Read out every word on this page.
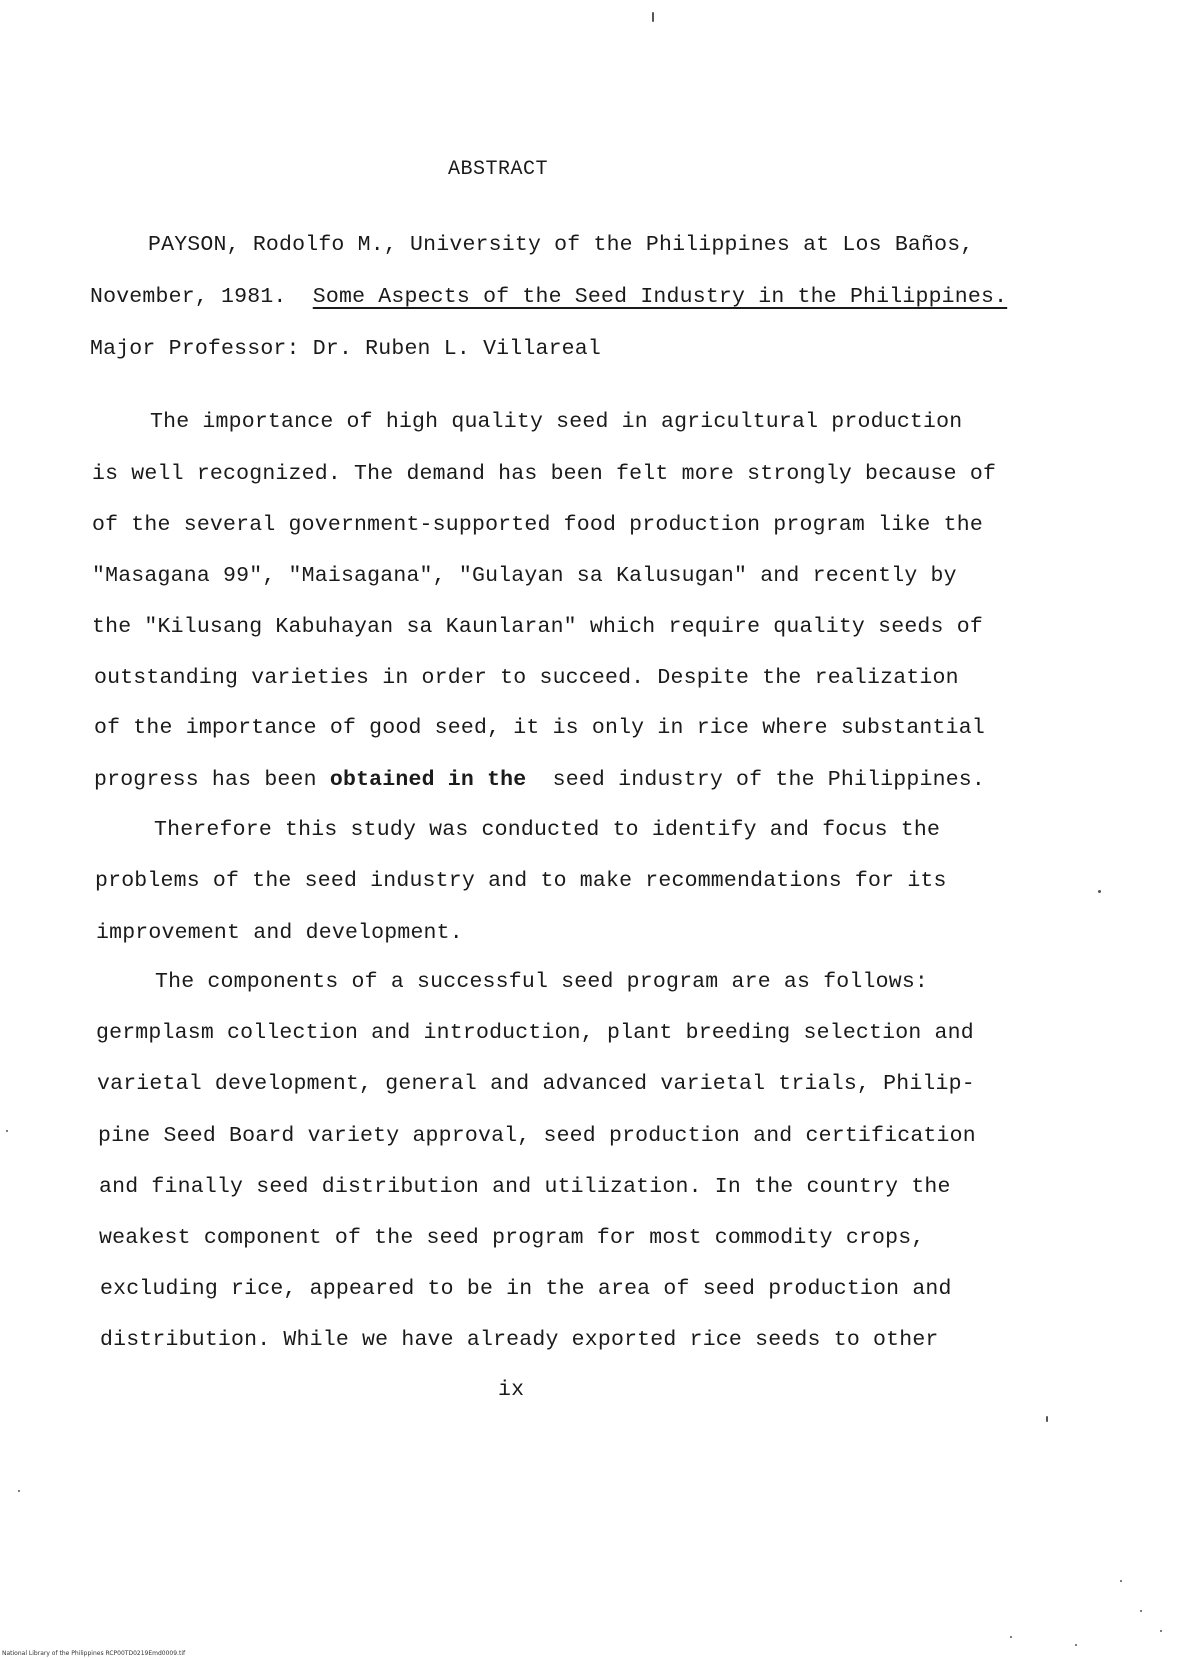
ABSTRACT
PAYSON, Rodolfo M., University of the Philippines at Los Baños,
November, 1981. Some Aspects of the Seed Industry in the Philippines.
Major Professor: Dr. Ruben L. Villareal
The importance of high quality seed in agricultural production
is well recognized. The demand has been felt more strongly because of
of the several government-supported food production program like the
"Masagana 99", "Maisagana", "Gulayan sa Kalusugan" and recently by
the "Kilusang Kabuhayan sa Kaunlaran" which require quality seeds of
outstanding varieties in order to succeed. Despite the realization
of the importance of good seed, it is only in rice where substantial
progress has been obtained in the seed industry of the Philippines.
Therefore this study was conducted to identify and focus the
problems of the seed industry and to make recommendations for its
improvement and development.
The components of a successful seed program are as follows:
germplasm collection and introduction, plant breeding selection and
varietal development, general and advanced varietal trials, Philip-
pine Seed Board variety approval, seed production and certification
and finally seed distribution and utilization. In the country the
weakest component of the seed program for most commodity crops,
excluding rice, appeared to be in the area of seed production and
distribution. While we have already exported rice seeds to other
ix
National Library of the Philippines RCP00TD0219Emd0009.tif
